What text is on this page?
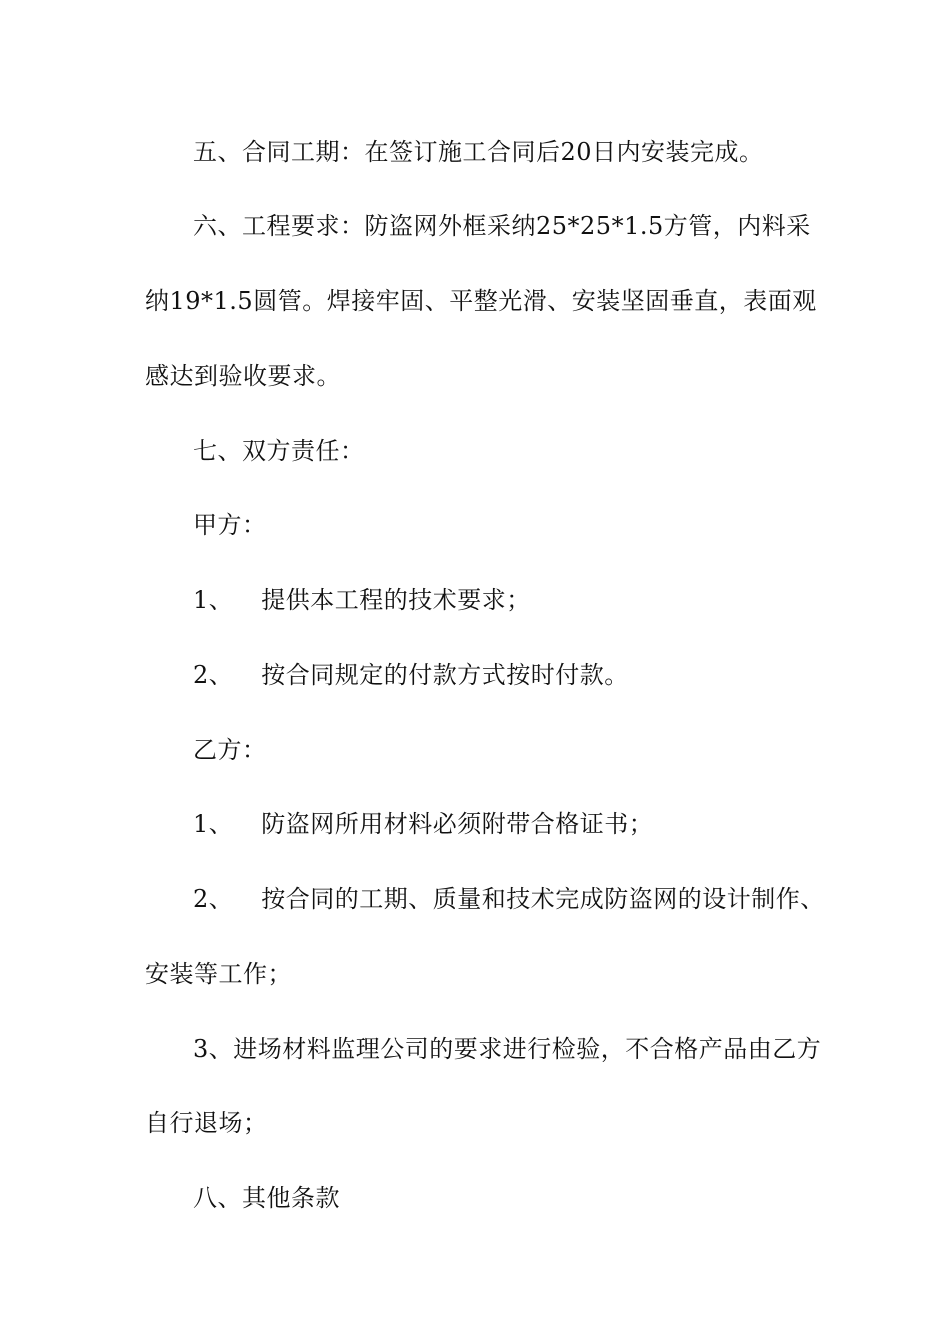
五、合同工期：在签订施工合同后20日内安装完成。
六、工程要求：防盗网外框采纳25*25*1.5方管，内料采
纳19*1.5圆管。焊接牢固、平整光滑、安装坚固垂直，表面观
感达到验收要求。
七、双方责任：
甲方：
1、 提供本工程的技术要求；
2、 按合同规定的付款方式按时付款。
乙方：
1、 防盗网所用材料必须附带合格证书；
2、 按合同的工期、质量和技术完成防盗网的设计制作、
安装等工作；
3、进场材料监理公司的要求进行检验，不合格产品由乙方
自行退场；
八、其他条款
